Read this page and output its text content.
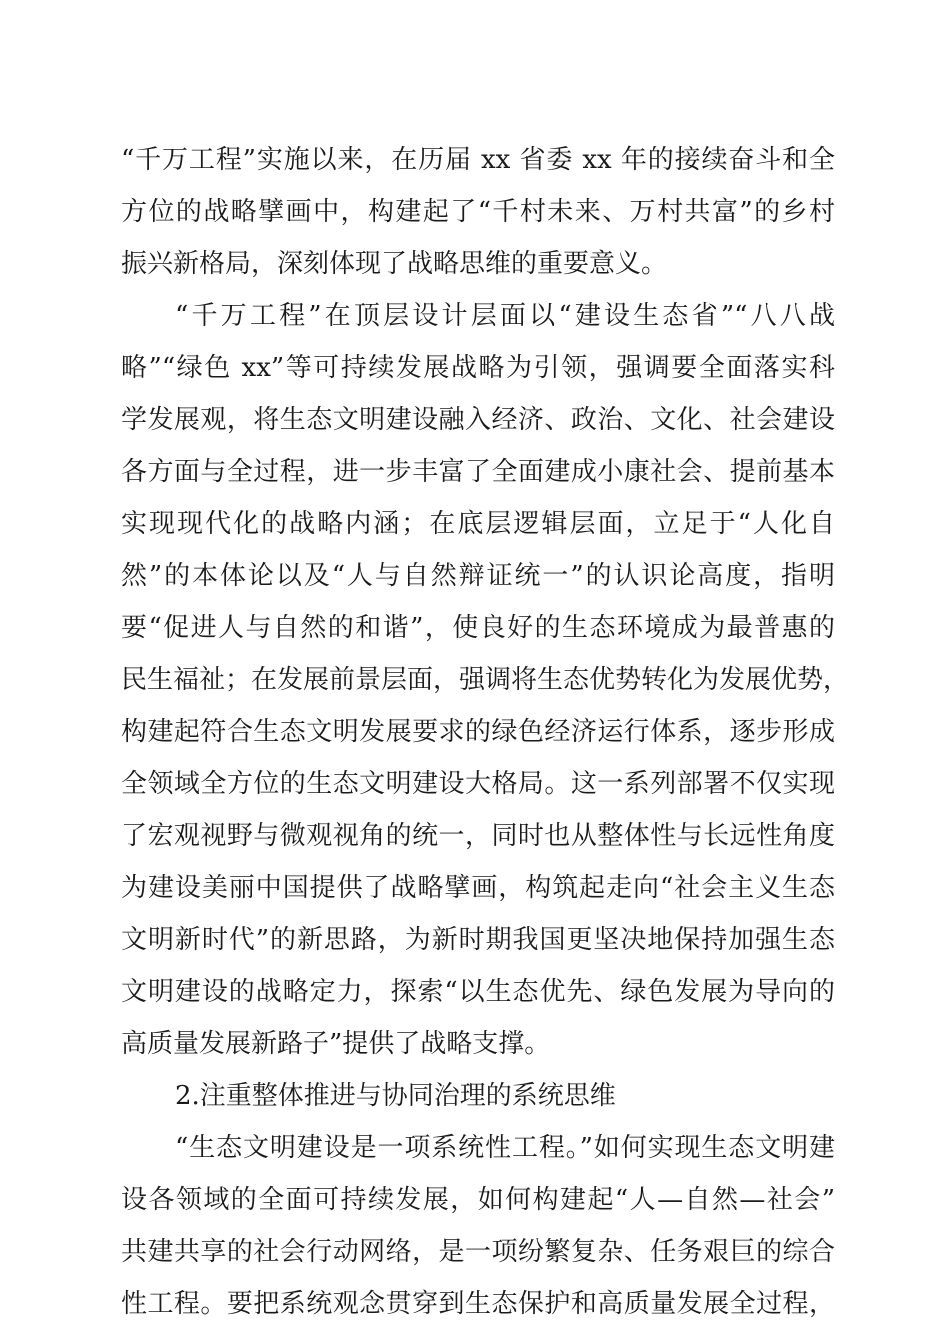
“千万工程”实施以来，在历届 xx 省委 xx 年的接续奋斗和全
方位的战略擘画中，构建起了“千村未来、万村共富”的乡村
振兴新格局，深刻体现了战略思维的重要意义。
“千万工程”在顶层设计层面以“建设生态省”“八八战
略”“绿色 xx”等可持续发展战略为引领，强调要全面落实科
学发展观，将生态文明建设融入经济、政治、文化、社会建设
各方面与全过程，进一步丰富了全面建成小康社会、提前基本
实现现代化的战略内涵；在底层逻辑层面，立足于“人化自
然”的本体论以及“人与自然辩证统一”的认识论高度，指明
要“促进人与自然的和谐”，使良好的生态环境成为最普惠的
民生福祉；在发展前景层面，强调将生态优势转化为发展优势，
构建起符合生态文明发展要求的绿色经济运行体系，逐步形成
全领域全方位的生态文明建设大格局。这一系列部署不仅实现
了宏观视野与微观视角的统一，同时也从整体性与长远性角度
为建设美丽中国提供了战略擘画，构筑起走向“社会主义生态
文明新时代”的新思路，为新时期我国更坚决地保持加强生态
文明建设的战略定力，探索“以生态优先、绿色发展为导向的
高质量发展新路子”提供了战略支撑。
2.注重整体推进与协同治理的系统思维
“生态文明建设是一项系统性工程。”如何实现生态文明建
设各领域的全面可持续发展，如何构建起“人—自然—社会”
共建共享的社会行动网络，是一项纷繁复杂、任务艰巨的综合
性工程。要把系统观念贯穿到生态保护和高质量发展全过程，
